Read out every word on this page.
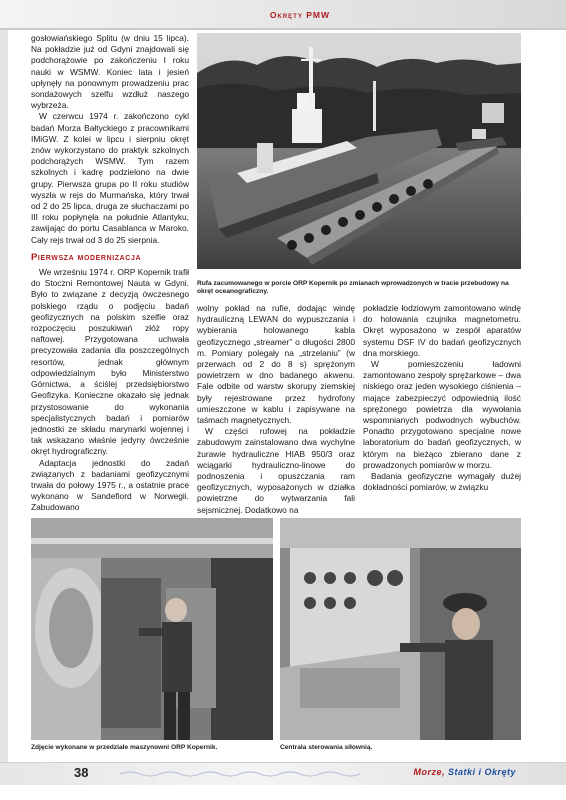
Okręty PMW

gosłowiańskiego Splitu (w dniu 15 lipca). Na pokładzie już od Gdyni znajdowali się podchorążowie po zakończeniu I roku nauki w WSMW. Koniec lata i jesień upłynęły na ponownym prowadzeniu prac sondażowych szelfu wzdłuż naszego wybrzeża.

W czerwcu 1974 r. zakończono cykl badań Morza Bałtyckiego z pracownikami IMiGW. Z kolei w lipcu i sierpniu okręt znów wykorzystano do praktyk szkolnych podchorążych WSMW. Tym razem szkolnych i kadrę podzielono na dwie grupy. Pierwsza grupa po II roku studiów wyszła w rejs do Murmańska, który trwał od 2 do 25 lipca, druga ze słuchaczami po III roku popłynęła na południe Atlantyku, zawijając do portu Casablanca w Maroko. Cały rejs trwał od 3 do 25 sierpnia.

Pierwsza modernizacja

We wrześniu 1974 r. ORP Kopernik trafił do Stoczni Remontowej Nauta w Gdyni. Było to związane z decyzją ówczesnego polskiego rządu o podjęciu badań geofizycznych na polskim szelfie oraz rozpoczęciu poszukiwań złóż ropy naftowej. Przygotowana uchwała precyzowała zadania dla poszczególnych resortów, jednak głównym odpowiedzialnym było Ministerstwo Górnictwa, a ściślej przedsiębiorstwo Geofizyka. Konieczne okazało się jednak przystosowanie do wykonania specjalistycznych badań i pomiarów jednostki ze składu marynarki wojennej i tak wskazano właśnie jedyny ówcześnie okręt hydrograficzny.

Adaptacja jednostki do zadań związanych z badaniami geofizycznymi trwała do połowy 1975 r., a ostatnie prace wykonano w Sandefiord w Norwegii. Zabudowano

Rufa zacumowanego w porcie ORP Kopernik po zmianach wprowadzonych w tracie przebudowy na okręt oceanograficzny.

wolny pokład na rufie, dodając windę hydrauliczną LEWAN do wypuszczania i wybierania holowanego kabla geofizycznego „streamer” o długości 2800 m. Pomiary polegały na „strzelaniu” (w przerwach od 2 do 8 s) sprężonym powietrzem w dno badanego akwenu. Fale odbite od warstw skorupy ziemskiej były rejestrowane przez hydrofony umieszczone w kablu i zapisywane na taśmach magnetycznych.

W części rufowej na pokładzie zabudowym zainstalowano dwa wychylne żurawie hydrauliczne HIAB 950/3 oraz wciągarki hydrauliczno-linowe do podnoszenia i opuszczania ram geofizycznych, wyposażonych w działka powietrzne do wytwarzania fali sejsmicznej. Dodatkowo na

pokładzie łodziowym zamontowano windę do holowania czujnika magnetometru. Okręt wyposażono w zespół aparatów systemu DSF IV do badań geofizycznych dna morskiego.

W pomieszczeniu ładowni zamontowano zespoły sprężarkowe – dwa niskiego oraz jeden wysokiego ciśnienia – mające zabezpieczyć odpowiednią ilość sprężonego powietrza dla wywołania wspomnianych podwodnych wybuchów. Ponadto przygotowano specjalne nowe laboratorium do badań geofizycznych, w którym na bieżąco zbierano dane z prowadzonych pomiarów w morzu.

Badania geofizyczne wymagały dużej dokładności pomiarów, w związku

Zdjęcie wykonane w przedziale maszynowni ORP Kopernik.	Centrala sterowania siłownią.
38	Morze, Statki i Okręty
